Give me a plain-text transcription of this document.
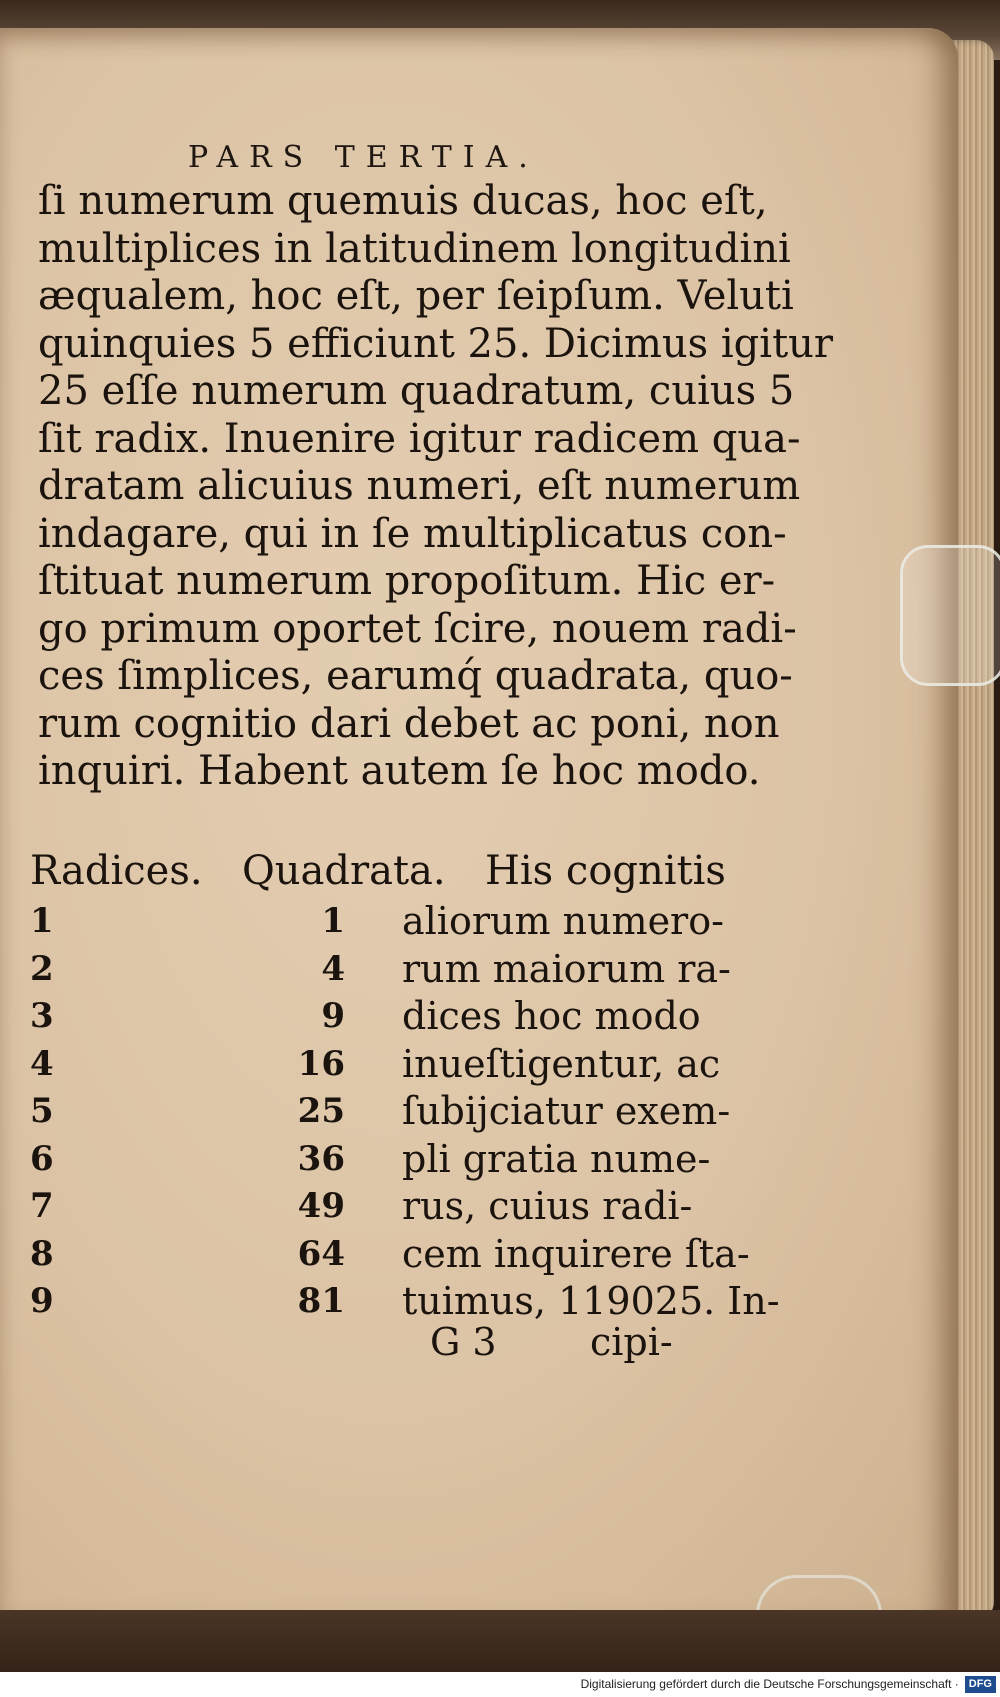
PARS TERTIA.
ſi numerum quemuis ducas, hoc eſt,
multiplices in latitudinem longitudini
æqualem, hoc eſt, per ſeipſum. Veluti
quinquies 5 efficiunt 25. Dicimus igitur
25 eſſe numerum quadratum, cuius 5
ſit radix. Inuenire igitur radicem qua-
dratam alicuius numeri, eſt numerum
indagare, qui in ſe multiplicatus con-
ſtituat numerum propoſitum. Hic er-
go primum oportet ſcire, nouem radi-
ces ſimplices, earumq́ quadrata, quo-
rum cognitio dari debet ac poni, non
inquiri. Habent autem ſe hoc modo.
Radices. Quadrata. His cognitis
1
2
3
4
5
6
7
8
9
1
4
9
16
25
36
49
64
81
aliorum numero-
rum maiorum ra-
dices hoc modo
inueſtigentur, ac
ſubijciatur exem-
pli gratia nume-
rus, cuius radi-
cem inquirere ſta-
tuimus, 119025. In-
G 3 cipi-
Digitalisierung gefördert durch die Deutsche Forschungsgemeinschaft · DFG
